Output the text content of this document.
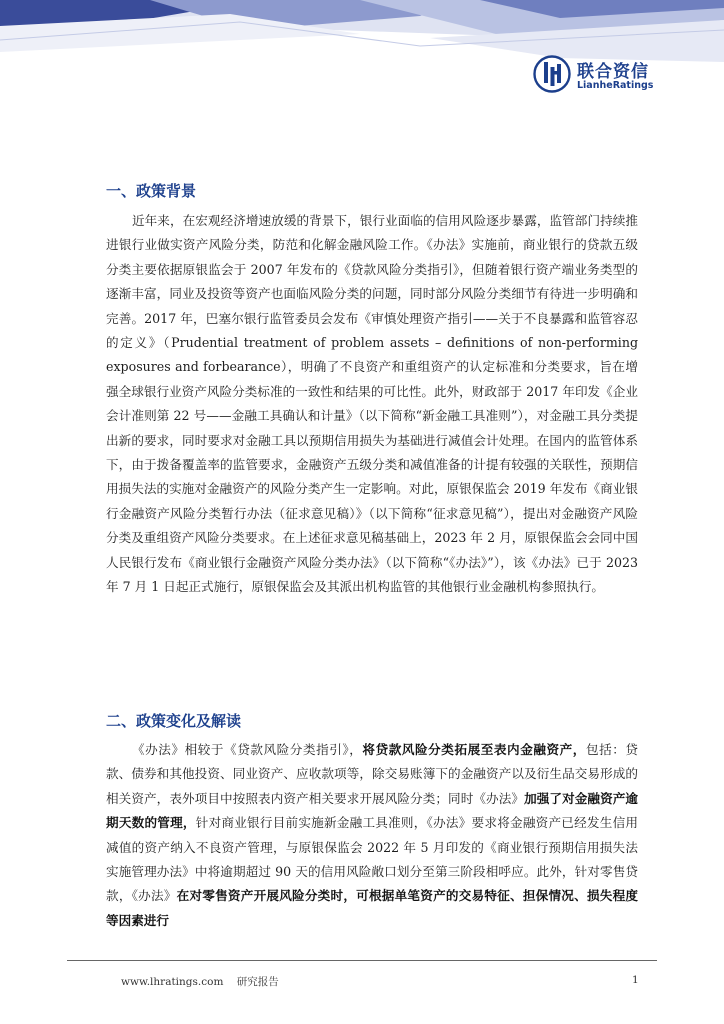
联合资信
LianheRatings
一、政策背景

近年来，在宏观经济增速放缓的背景下，银行业面临的信用风险逐步暴露，监管部门持续推进银行业做实资产风险分类，防范和化解金融风险工作。《办法》实施前，商业银行的贷款五级分类主要依据原银监会于 2007 年发布的《贷款风险分类指引》，但随着银行资产端业务类型的逐渐丰富，同业及投资等资产也面临风险分类的问题，同时部分风险分类细节有待进一步明确和完善。2017 年，巴塞尔银行监管委员会发布《审慎处理资产指引——关于不良暴露和监管容忍的定义》（Prudential treatment of problem assets – definitions of non-performing exposures and forbearance），明确了不良资产和重组资产的认定标准和分类要求，旨在增强全球银行业资产风险分类标准的一致性和结果的可比性。此外，财政部于 2017 年印发《企业会计准则第 22 号——金融工具确认和计量》（以下简称“新金融工具准则”），对金融工具分类提出新的要求，同时要求对金融工具以预期信用损失为基础进行减值会计处理。在国内的监管体系下，由于拨备覆盖率的监管要求，金融资产五级分类和减值准备的计提有较强的关联性，预期信用损失法的实施对金融资产的风险分类产生一定影响。对此，原银保监会 2019 年发布《商业银行金融资产风险分类暂行办法（征求意见稿）》（以下简称“征求意见稿”），提出对金融资产风险分类及重组资产风险分类要求。在上述征求意见稿基础上，2023 年 2 月，原银保监会会同中国人民银行发布《商业银行金融资产风险分类办法》（以下简称“《办法》”），该《办法》已于 2023 年 7 月 1 日起正式施行，原银保监会及其派出机构监管的其他银行业金融机构参照执行。

二、政策变化及解读

《办法》相较于《贷款风险分类指引》，将贷款风险分类拓展至表内金融资产，包括：贷款、债券和其他投资、同业资产、应收款项等，除交易账簿下的金融资产以及衍生品交易形成的相关资产，表外项目中按照表内资产相关要求开展风险分类；同时《办法》加强了对金融资产逾期天数的管理，针对商业银行目前实施新金融工具准则，《办法》要求将金融资产已经发生信用减值的资产纳入不良资产管理，与原银保监会 2022 年 5 月印发的《商业银行预期信用损失法实施管理办法》中将逾期超过 90 天的信用风险敞口划分至第三阶段相呼应。此外，针对零售贷款，《办法》在对零售资产开展风险分类时，可根据单笔资产的交易特征、担保情况、损失程度等因素进行

www.lhratings.com 研究报告	1
